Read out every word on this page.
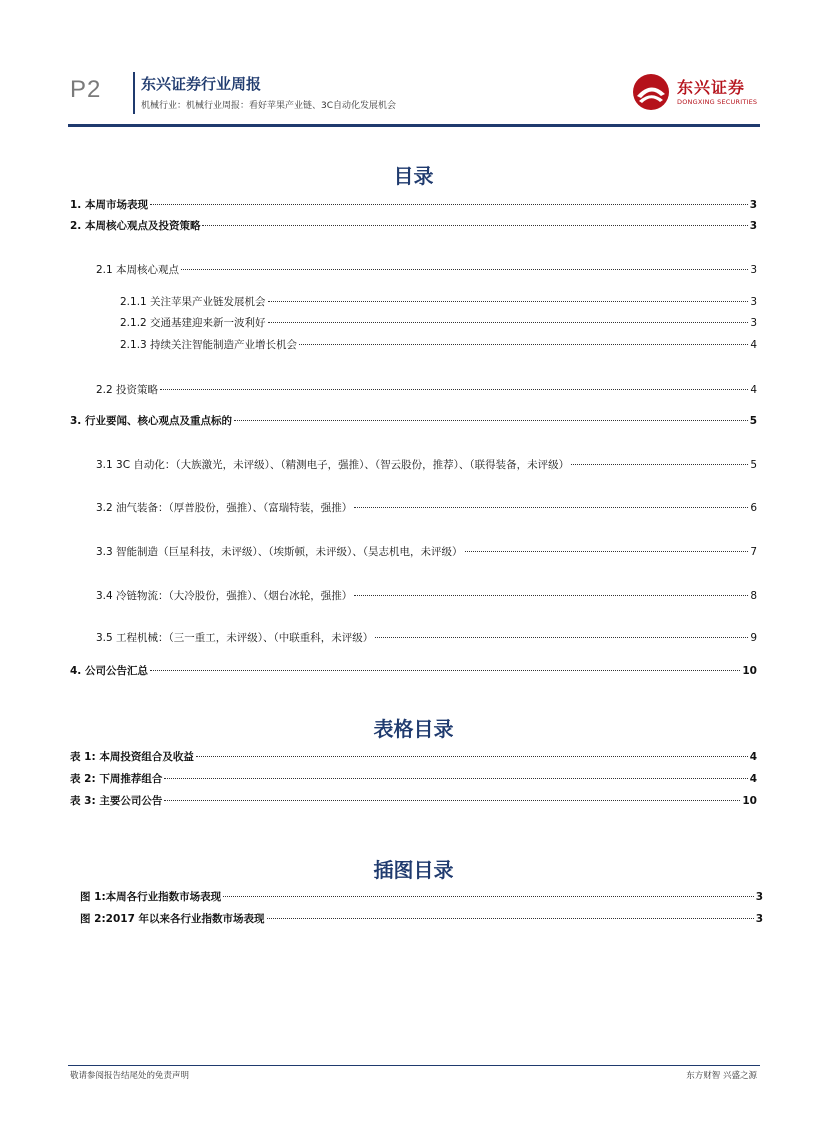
P2	东兴证券行业周报
机械行业：机械行业周报：看好苹果产业链、3C自动化发展机会
东兴证券
DONGXING SECURITIES
目录
1. 本周市场表现	3
2. 本周核心观点及投资策略	3
2.1 本周核心观点	3
2.1.1 关注苹果产业链发展机会	3
2.1.2 交通基建迎来新一波利好	3
2.1.3 持续关注智能制造产业增长机会	4
2.2 投资策略	4
3. 行业要闻、核心观点及重点标的	5
3.1 3C 自动化：（大族激光，未评级）、（精测电子，强推）、（智云股份，推荐）、（联得装备，未评级）	5
3.2 油气装备：（厚普股份，强推）、（富瑞特装，强推）	6
3.3 智能制造（巨星科技，未评级）、（埃斯顿，未评级）、（昊志机电，未评级）	7
3.4 冷链物流：（大冷股份，强推）、（烟台冰轮，强推）	8
3.5 工程机械：（三一重工，未评级）、（中联重科，未评级）	9
4. 公司公告汇总	10
表格目录
表 1: 本周投资组合及收益	4
表 2: 下周推荐组合	4
表 3: 主要公司公告	10
插图目录
图 1:本周各行业指数市场表现	3
图 2:2017 年以来各行业指数市场表现	3
敬请参阅报告结尾处的免责声明	东方财智 兴盛之源
